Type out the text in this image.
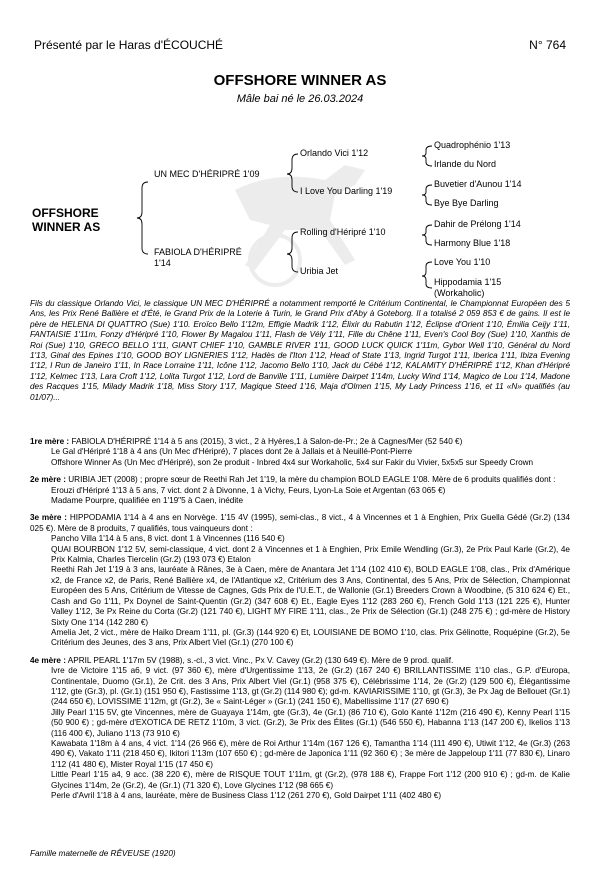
Présenté par le Haras d'ÉCOUCHÉ	N° 764
OFFSHORE WINNER AS
Mâle bai né le 26.03.2024
OFFSHORE
WINNER AS
UN MEC D'HÉRIPRÉ 1'09
FABIOLA D'HÉRIPRÉ
1'14
Orlando Vici 1'12
I Love You Darling 1'19
Rolling d'Héripré 1'10
Uribia Jet
Quadrophénio 1'13
Irlande du Nord
Buvetier d'Aunou 1'14
Bye Bye Darling
Dahir de Prélong 1'14
Harmony Blue 1'18
Love You 1'10
Hippodamia 1'15
(Workaholic)
Fils du classique Orlando Vici, le classique UN MEC D'HÉRIPRÉ a notamment remporté le Critérium Continental, le Championnat Européen des 5 Ans, les Prix René Ballière et d'Été, le Grand Prix de la Loterie à Turin, le Grand Prix d'Aby à Goteborg. Il a totalisé 2 059 853 € de gains. Il est le père de HELENA DI QUATTRO (Sue) 1'10. Eroïco Bello 1'12m, Effigie Madrik 1'12, Élixir du Rabutin 1'12, Éclipse d'Orient 1'10, Émilia Ceijy 1'11, FANTAISIE 1'11m, Fonzy d'Héripré 1'10, Flower By Magalou 1'11, Flash de Vély 1'11, Fille du Chêne 1'11, Even's Cool Boy (Sue) 1'10, Xanthis de Roi (Sue) 1'10, GRECO BELLO 1'11, GIANT CHIEF 1'10, GAMBLE RIVER 1'11, GOOD LUCK QUICK 1'11m, Gybor Well 1'10, Général du Nord 1'13, Ginal des Epines 1'10, GOOD BOY LIGNERIES 1'12, Hadès de l'Iton 1'12, Head of State 1'13, Ingrid Turgot 1'11, Iberica 1'11, Ibiza Evening 1'12, I Run de Janeiro 1'11, In Race Lorraine 1'11, Icône 1'12, Jacomo Bello 1'10, Jack du Cébé 1'12, KALAMITY D'HÉRIPRÉ 1'12, Khan d'Héripré 1'12, Kelmec 1'13, Lara Croft 1'12, Lolita Turgot 1'12, Lord de Banville 1'11, Lumière Dairpet 1'14m, Lucky Wind 1'14, Magico de Lou 1'14, Madone des Racques 1'15, Milady Madrik 1'18, Miss Story 1'17, Magique Steed 1'16, Maja d'Olmen 1'15, My Lady Princess 1'16, et 11 «N» qualifiés (au 01/07)...

1re mère : FABIOLA D'HÉRIPRÉ 1'14 à 5 ans (2015), 3 vict., 2 à Hyères,1 à Salon-de-Pr.; 2e à Cagnes/Mer (52 540 €)

Le Gal d'Héripré 1'18 à 4 ans (Un Mec d'Héripré), 7 places dont 2e à Jallais et à Neuillé-Pont-Pierre

Offshore Winner As (Un Mec d'Héripré), son 2e produit - Inbred 4x4 sur Workaholic, 5x4 sur Fakir du Vivier, 5x5x5 sur Speedy Crown

2e mère : URIBIA JET (2008) ; propre sœur de Reethi Rah Jet 1'19, la mère du champion BOLD EAGLE 1'08. Mère de 6 produits qualifiés dont :

Erouzi d'Héripré 1'13 à 5 ans, 7 vict. dont 2 à Divonne, 1 à Vichy, Feurs, Lyon-La Soie et Argentan (63 065 €)

Madame Pourpre, qualifiée en 1'19"5 à Caen, inédite

3e mère : HIPPODAMIA 1'14 à 4 ans en Norvège. 1'15 4V (1995), semi-clas., 8 vict., 4 à Vincennes et 1 à Enghien, Prix Guella Gédé (Gr.2) (134 025 €). Mère de 8 produits, 7 qualifiés, tous vainqueurs dont :

Pancho Villa 1'14 à 5 ans, 8 vict. dont 1 à Vincennes (116 540 €)

QUAI BOURBON 1'12 5V, semi-classique, 4 vict. dont 2 à Vincennes et 1 à Enghien, Prix Emile Wendling (Gr.3), 2e Prix Paul Karle (Gr.2), 4e Prix Kalmia, Charles Tiercelin (Gr.2) (193 073 €) Etalon

Reethi Rah Jet 1'19 à 3 ans, lauréate à Rânes, 3e à Caen, mère de Anantara Jet 1'14 (102 410 €), BOLD EAGLE 1'08, clas., Prix d'Amérique x2, de France x2, de Paris, René Ballière x4, de l'Atlantique x2, Critérium des 3 Ans, Continental, des 5 Ans, Prix de Sélection, Championnat Européen des 5 Ans, Critérium de Vitesse de Cagnes, Gds Prix de l'U.E.T., de Wallonie (Gr.1) Breeders Crown à Woodbine, (5 310 624 €) Et., Cash and Go 1'11, Px Doynel de Saint-Quentin (Gr.2) (347 608 €) Et., Eagle Eyes 1'12 (283 260 €), French Gold 1'13 (121 225 €), Hunter Valley 1'12, 3e Px Reine du Corta (Gr.2) (121 740 €), LIGHT MY FIRE 1'11, clas., 2e Prix de Sélection (Gr.1) (248 275 €) ; gd-mère de History Sixty One 1'14 (142 280 €)

Amelia Jet, 2 vict., mère de Haiko Dream 1'11, pl. (Gr.3) (144 920 €) Et, LOUISIANE DE BOMO 1'10, clas. Prix Gélinotte, Roquépine (Gr.2), 5e Critérium des Jeunes, des 3 ans, Prix Albert Viel (Gr.1) (270 100 €)

4e mère : APRIL PEARL 1'17m 5V (1988), s.-cl., 3 vict. Vinc., Px V. Cavey (Gr.2) (130 649 €). Mère de 9 prod. qualif.

Ivre de Victoire 1'15 a6, 9 vict. (97 360 €), mère d'Urgentissime 1'13, 2e (Gr.2) (167 240 €) BRILLANTISSIME 1'10 clas., G.P. d'Europa, Continentale, Duomo (Gr.1), 2e Crit. des 3 Ans, Prix Albert Viel (Gr.1) (958 375 €), Célébrissime 1'14, 2e (Gr.2) (129 500 €), Élégantissime 1'12, gte (Gr.3), pl. (Gr.1) (151 950 €), Fastissime 1'13, gt (Gr.2) (114 980 €); gd-m. KAVIARISSIME 1'10, gt (Gr.3), 3e Px Jag de Bellouet (Gr.1) (244 650 €), LOVISSIME 1'12m, gt (Gr.2), 3e « Saint-Léger » (Gr.1) (241 150 €), Mabellissime 1'17 (27 690 €)

Jilly Pearl 1'15 5V, gte Vincennes, mère de Guayaya 1'14m, gte (Gr.3), 4e (Gr.1) (86 710 €), Golo Kanté 1'12m (216 490 €), Kenny Pearl 1'15 (50 900 €) ; gd-mère d'EXOTICA DE RETZ 1'10m, 3 vict. (Gr.2), 3e Prix des Élites (Gr.1) (546 550 €), Habanna 1'13 (147 200 €), Ikelios 1'13 (116 400 €), Juliano 1'13 (73 910 €)

Kawabata 1'18m à 4 ans, 4 vict. 1'14 (26 966 €), mère de Roi Arthur 1'14m (167 126 €), Tamantha 1'14 (111 490 €), Utiwit 1'12, 4e (Gr.3) (263 490 €), Vakato 1'11 (218 450 €), Ikitori 1'13m (107 650 €) ; gd-mère de Japonica 1'11 (92 360 €) ; 3e mère de Jappeloup 1'11 (77 830 €), Linaro 1'12 (41 480 €), Mister Royal 1'15 (17 450 €)

Little Pearl 1'15 a4, 9 acc. (38 220 €), mère de RISQUE TOUT 1'11m, gt (Gr.2), (978 188 €), Frappe Fort 1'12 (200 910 €) ; gd-m. de Kalie Glycines 1'14m, 2e (Gr.2), 4e (Gr.1) (71 320 €), Love Glycines 1'12 (98 665 €)

Perle d'Avril 1'18 à 4 ans, lauréate, mère de Business Class 1'12 (261 270 €), Gold Dairpet 1'11 (402 480 €)

Famille maternelle de RÊVEUSE (1920)
